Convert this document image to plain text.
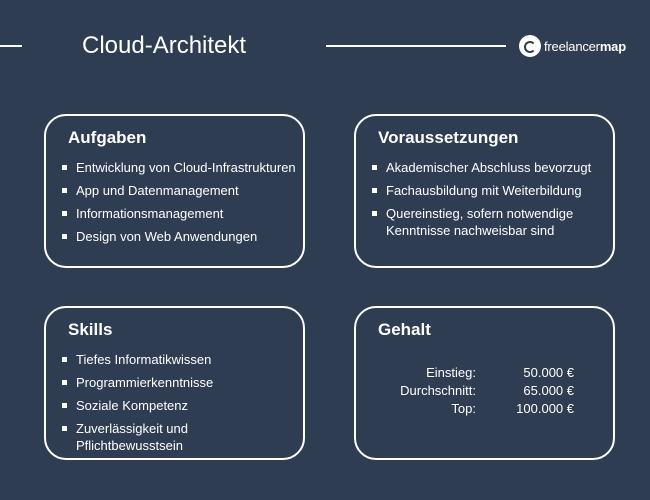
Cloud-Architekt	freelancermap
Aufgaben
Entwicklung von Cloud-Infrastrukturen
App und Datenmanagement
Informationsmanagement
Design von Web Anwendungen
Voraussetzungen
Akademischer Abschluss bevorzugt
Fachausbildung mit Weiterbildung
Quereinstieg, sofern notwendige Kenntnisse nachweisbar sind
Skills
Tiefes Informatikwissen
Programmierkenntnisse
Soziale Kompetenz
Zuverlässigkeit und Pflichtbewusstsein
Gehalt
Einstieg:	50.000 €
Durchschnitt:	65.000 €
Top:	100.000 €
